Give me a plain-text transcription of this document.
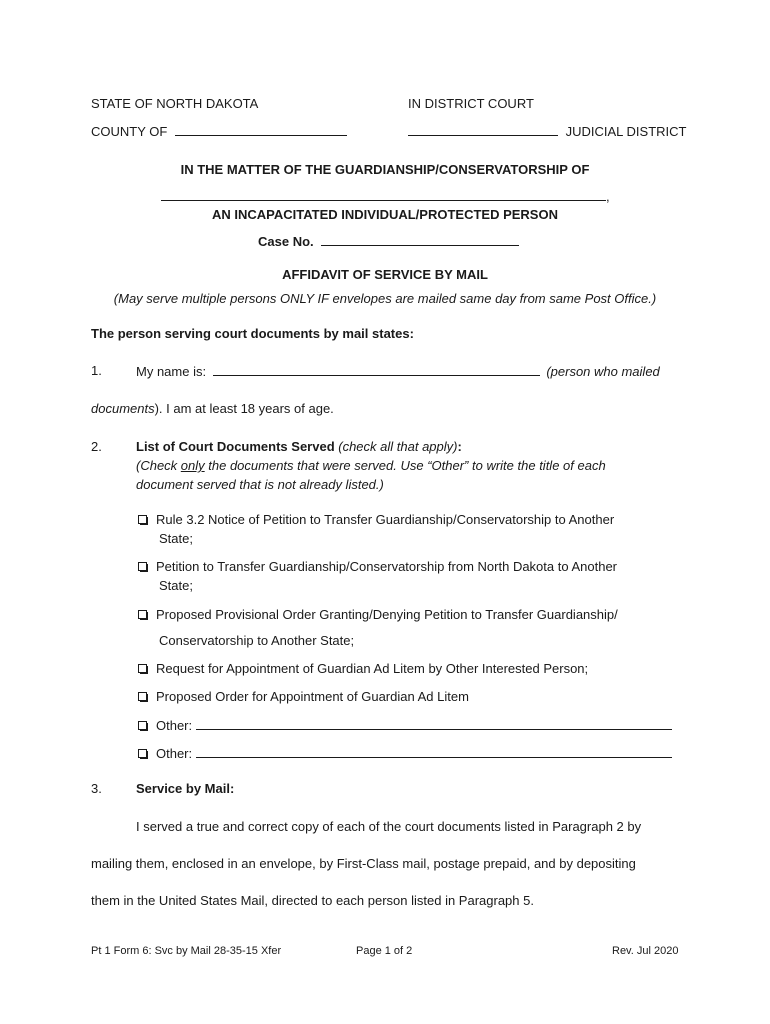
STATE OF NORTH DAKOTA	IN DISTRICT COURT
COUNTY OF	JUDICIAL DISTRICT
IN THE MATTER OF THE GUARDIANSHIP/CONSERVATORSHIP OF
,
AN INCAPACITATED INDIVIDUAL/PROTECTED PERSON
Case No.
AFFIDAVIT OF SERVICE BY MAIL
(May serve multiple persons ONLY IF envelopes are mailed same day from same Post Office.)
The person serving court documents by mail states:
1.	My name is:	(person who mailed
documents). I am at least 18 years of age.
2.	List of Court Documents Served (check all that apply):
(Check only the documents that were served. Use “Other” to write the title of each
document served that is not already listed.)
Rule 3.2 Notice of Petition to Transfer Guardianship/Conservatorship to Another
State;
Petition to Transfer Guardianship/Conservatorship from North Dakota to Another
State;
Proposed Provisional Order Granting/Denying Petition to Transfer Guardianship/
Conservatorship to Another State;
Request for Appointment of Guardian Ad Litem by Other Interested Person;
Proposed Order for Appointment of Guardian Ad Litem
Other:
Other:
3.	Service by Mail:
I served a true and correct copy of each of the court documents listed in Paragraph 2 by
mailing them, enclosed in an envelope, by First-Class mail, postage prepaid, and by depositing
them in the United States Mail, directed to each person listed in Paragraph 5.
Pt 1 Form 6: Svc by Mail 28-35-15 Xfer	Page 1 of 2	Rev. Jul 2020
